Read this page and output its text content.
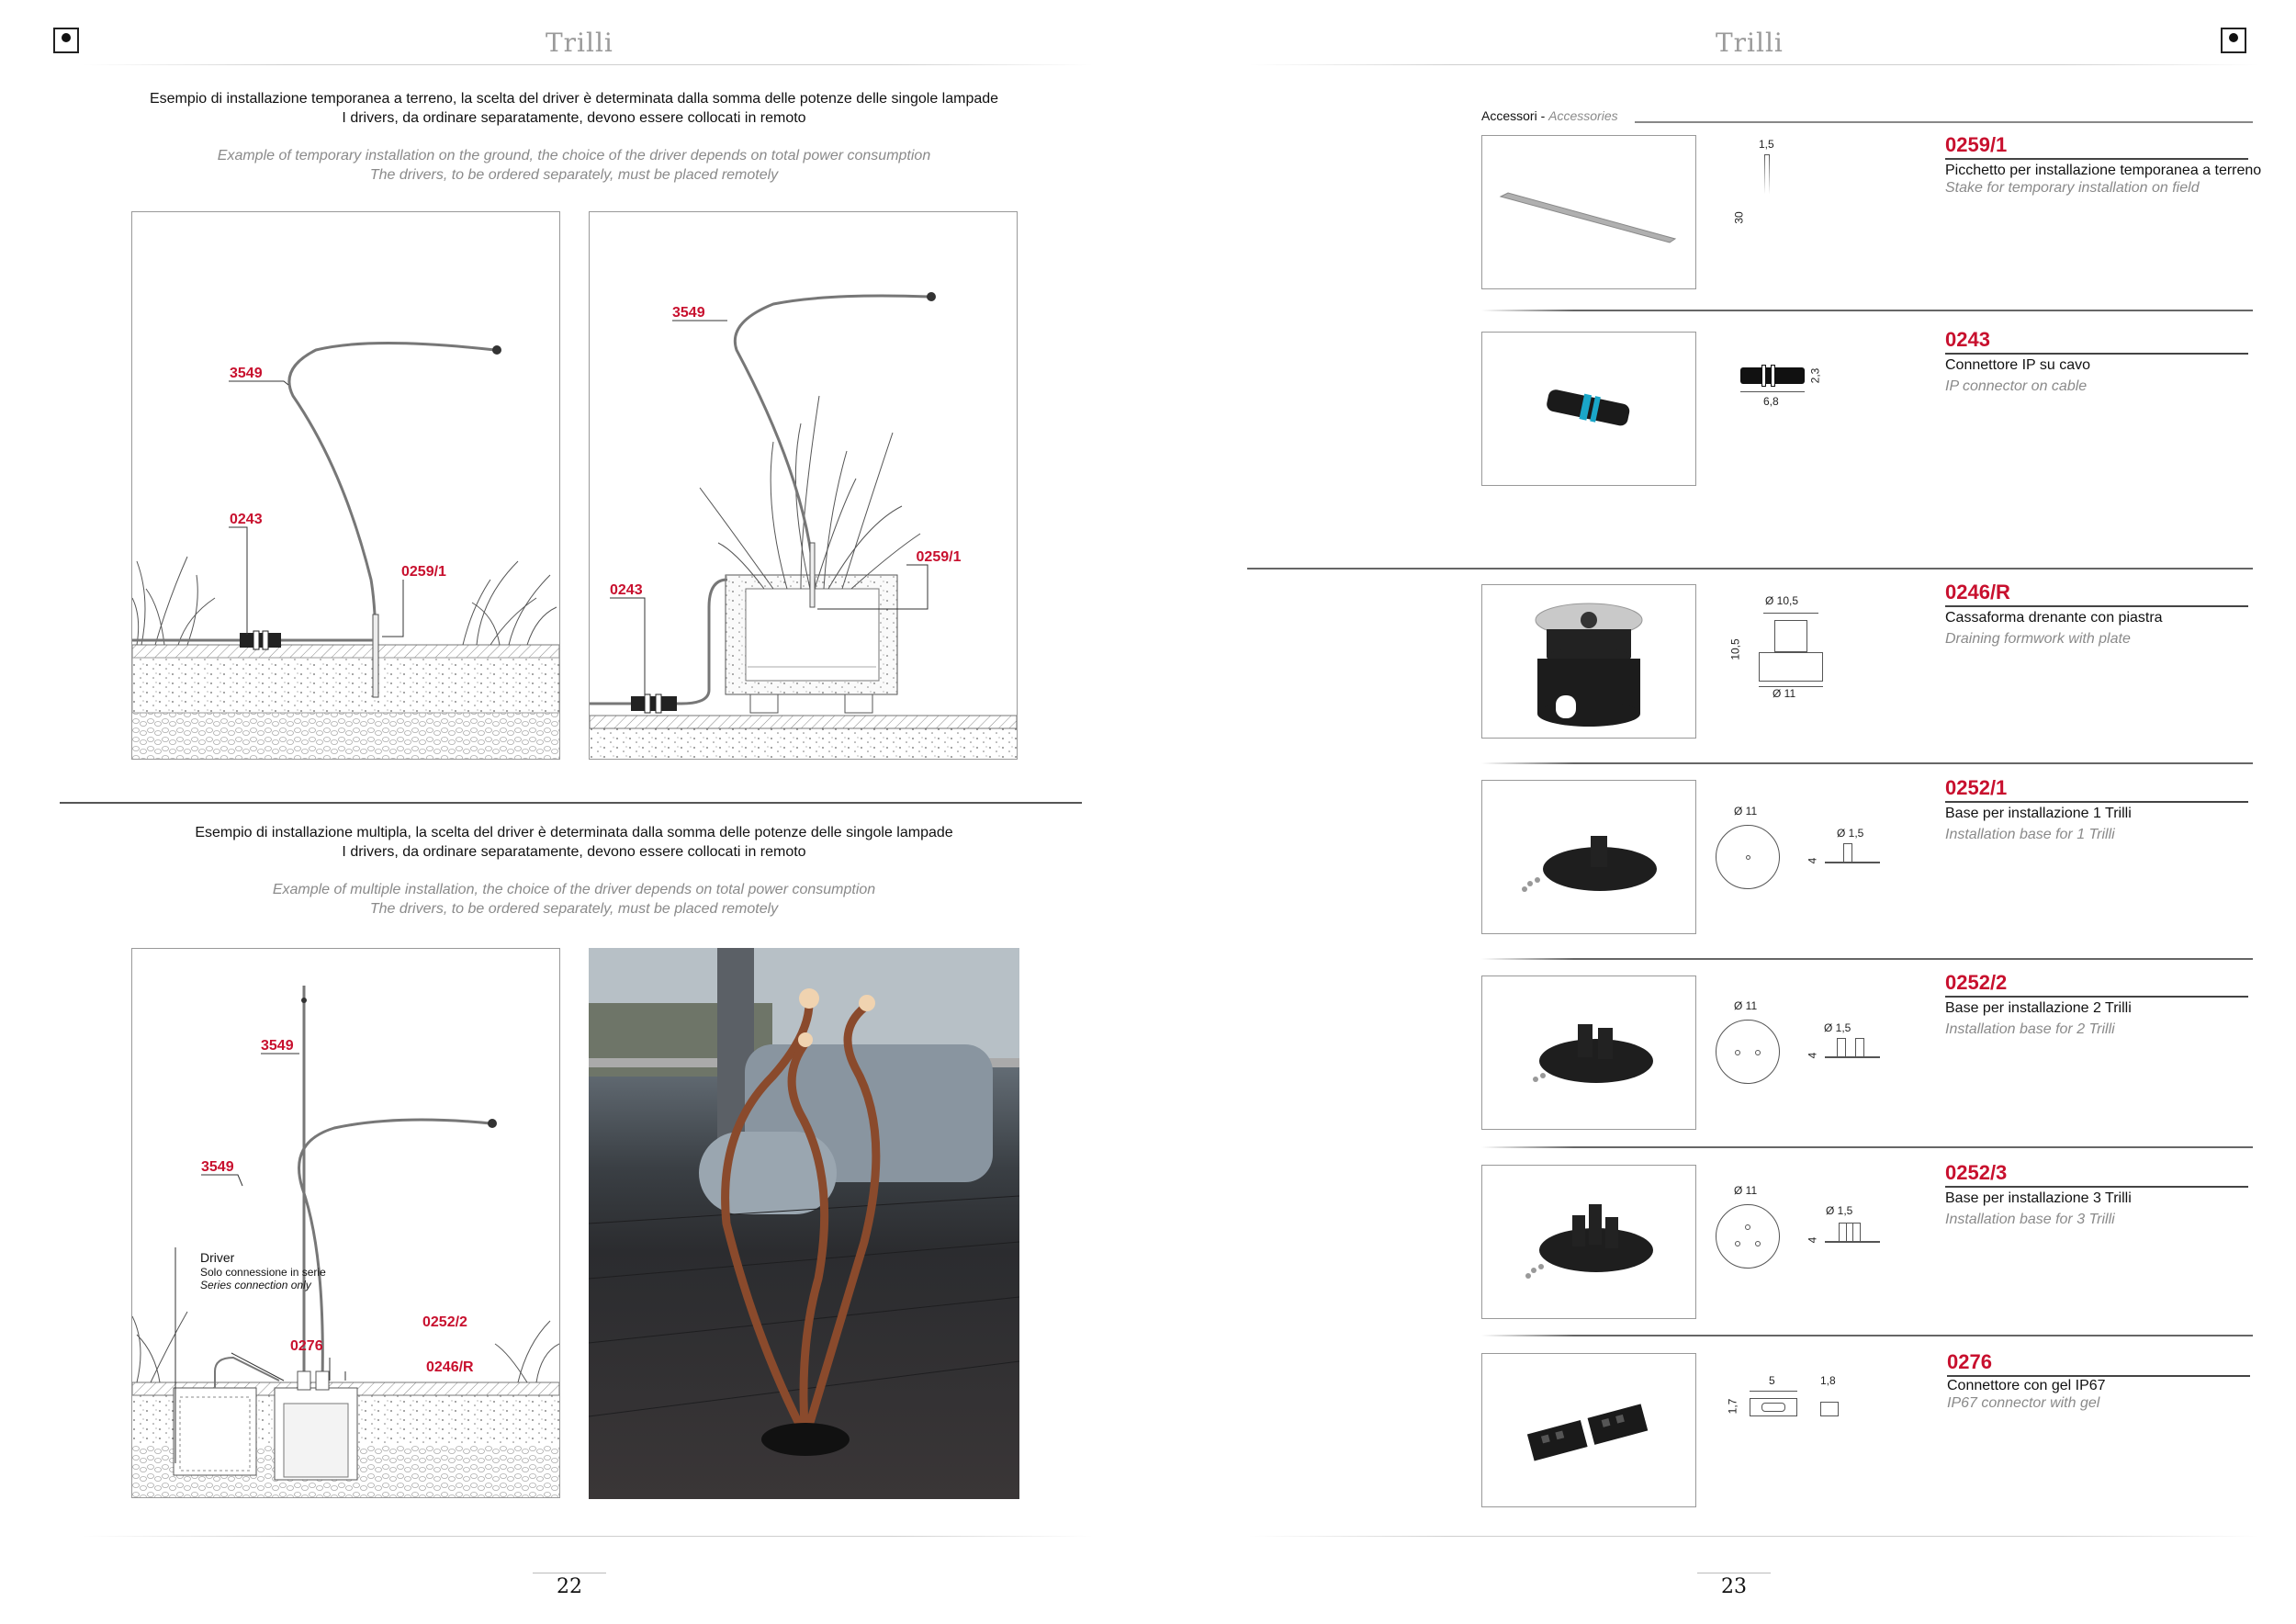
Trilli	Trilli
Esempio di installazione temporanea a terreno, la scelta del driver è determinata dalla somma delle potenze delle singole lampade
I drivers, da ordinare separatamente, devono essere collocati in remoto
Example of temporary installation on the ground, the choice of the driver depends on total power consumption
The drivers, to be ordered separately, must be placed remotely
3549
0243
0259/1
3549
0243
0259/1
Esempio di installazione multipla, la scelta del driver è determinata dalla somma delle potenze delle singole lampade
I drivers, da ordinare separatamente, devono essere collocati in remoto
Example of multiple installation, the choice of the driver depends on total power consumption
The drivers, to be ordered separately, must be placed remotely
3549
3549
Driver
Solo connessione in serie
Series connection only
0252/2
0276
0246/R
22
Accessori - Accessories
1,5
30
0259/1
Picchetto per installazione temporanea a terreno
Stake for temporary installation on field
2,3
6,8
0243
Connettore IP su cavo
IP connector on cable
Ø 10,5
10,5
Ø 11
0246/R
Cassaforma drenante con piastra
Draining formwork with plate
Ø 11
Ø 1,5
4
0252/1
Base per installazione 1 Trilli
Installation base for 1 Trilli
Ø 11
Ø 1,5
4
0252/2
Base per installazione 2 Trilli
Installation base for 2 Trilli
Ø 11
Ø 1,5
4
0252/3
Base per installazione 3 Trilli
Installation base for 3 Trilli
5	1,8
1,7
0276
Connettore con gel IP67
IP67 connector with gel
23
